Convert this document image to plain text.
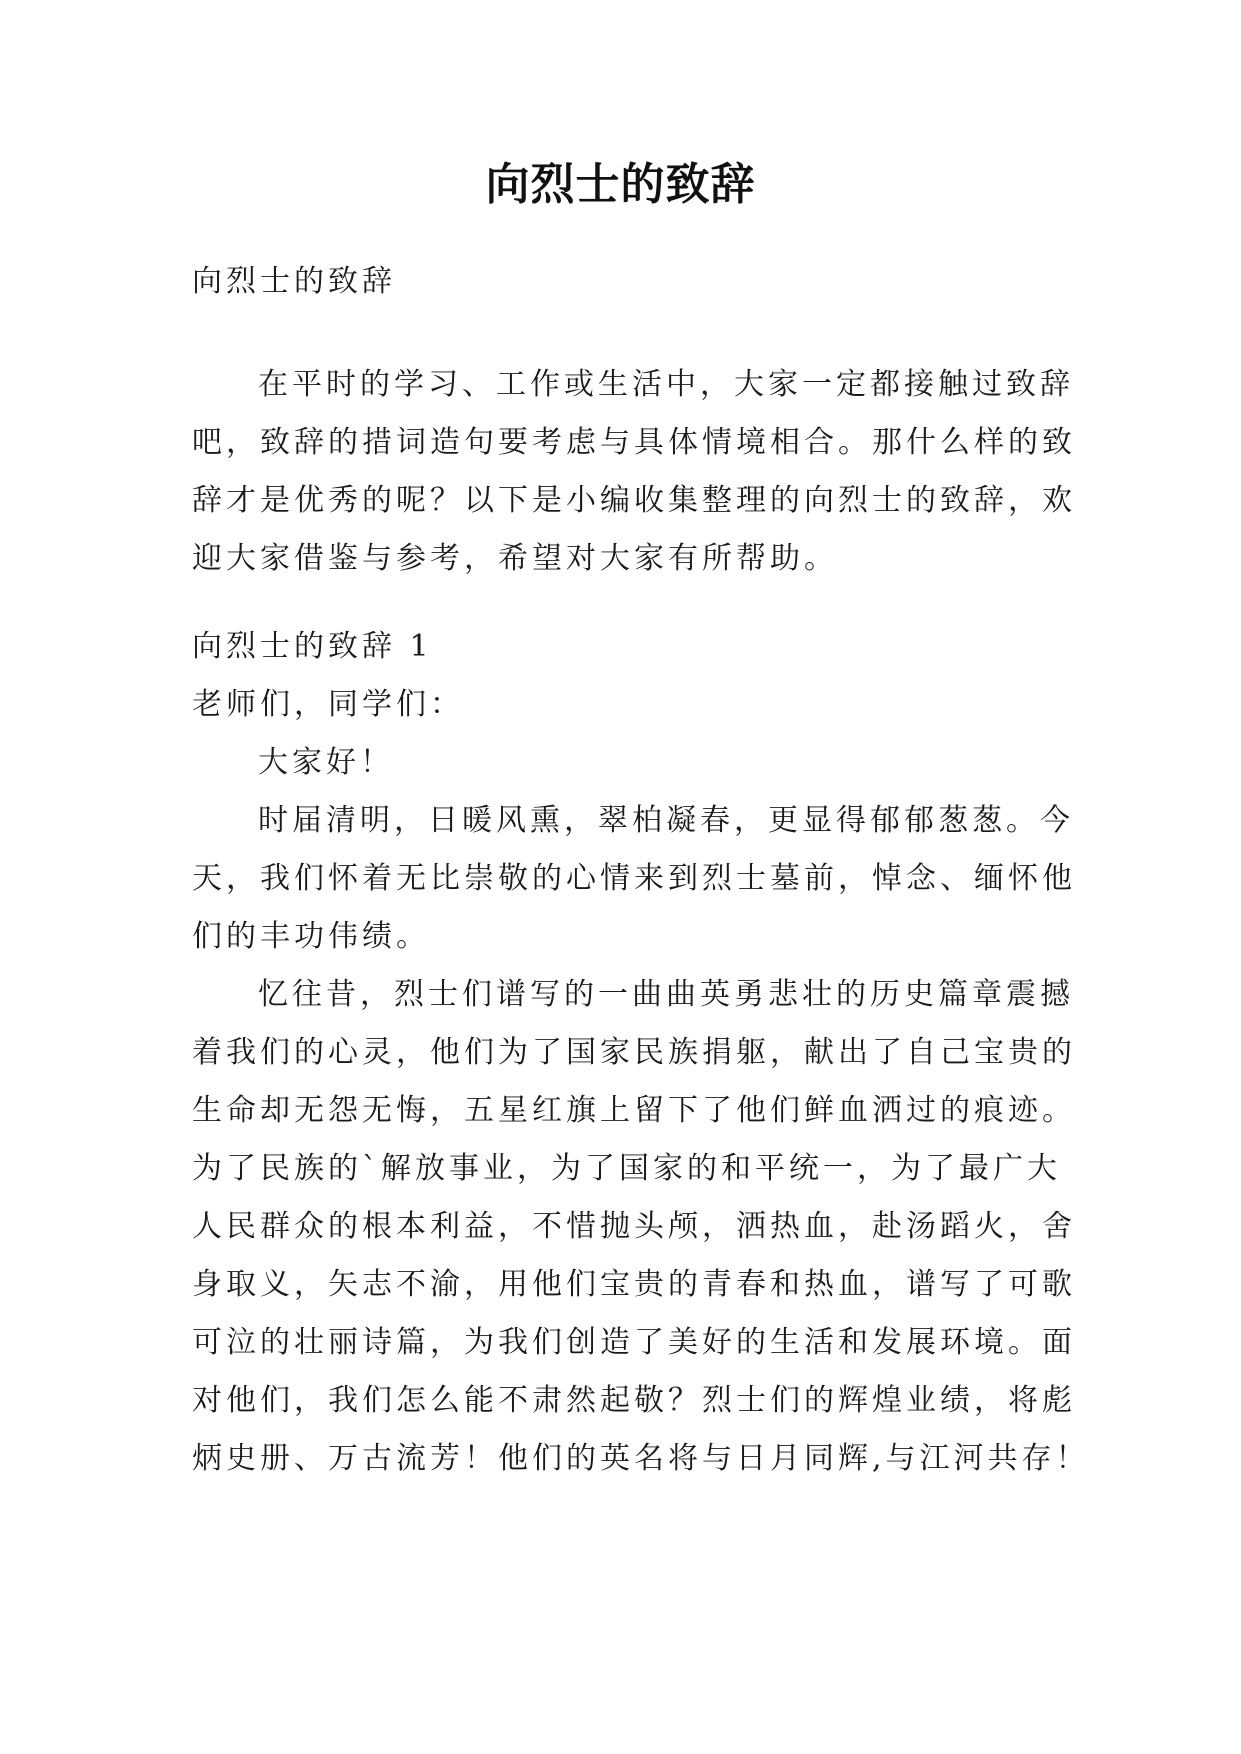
向烈士的致辞
向烈士的致辞
在平时的学习、工作或生活中，大家一定都接触过致辞
吧，致辞的措词造句要考虑与具体情境相合。那什么样的致
辞才是优秀的呢？以下是小编收集整理的向烈士的致辞，欢
迎大家借鉴与参考，希望对大家有所帮助。
向烈士的致辞 1
老师们，同学们：
大家好！
时届清明，日暖风熏，翠柏凝春，更显得郁郁葱葱。今
天，我们怀着无比崇敬的心情来到烈士墓前，悼念、缅怀他
们的丰功伟绩。
忆往昔，烈士们谱写的一曲曲英勇悲壮的历史篇章震撼
着我们的心灵，他们为了国家民族捐躯，献出了自己宝贵的
生命却无怨无悔，五星红旗上留下了他们鲜血洒过的痕迹。
为了民族的`解放事业，为了国家的和平统一，为了最广大
人民群众的根本利益，不惜抛头颅，洒热血，赴汤蹈火，舍
身取义，矢志不渝，用他们宝贵的青春和热血，谱写了可歌
可泣的壮丽诗篇，为我们创造了美好的生活和发展环境。面
对他们，我们怎么能不肃然起敬？烈士们的辉煌业绩，将彪
炳史册、万古流芳！他们的英名将与日月同辉,与江河共存！
